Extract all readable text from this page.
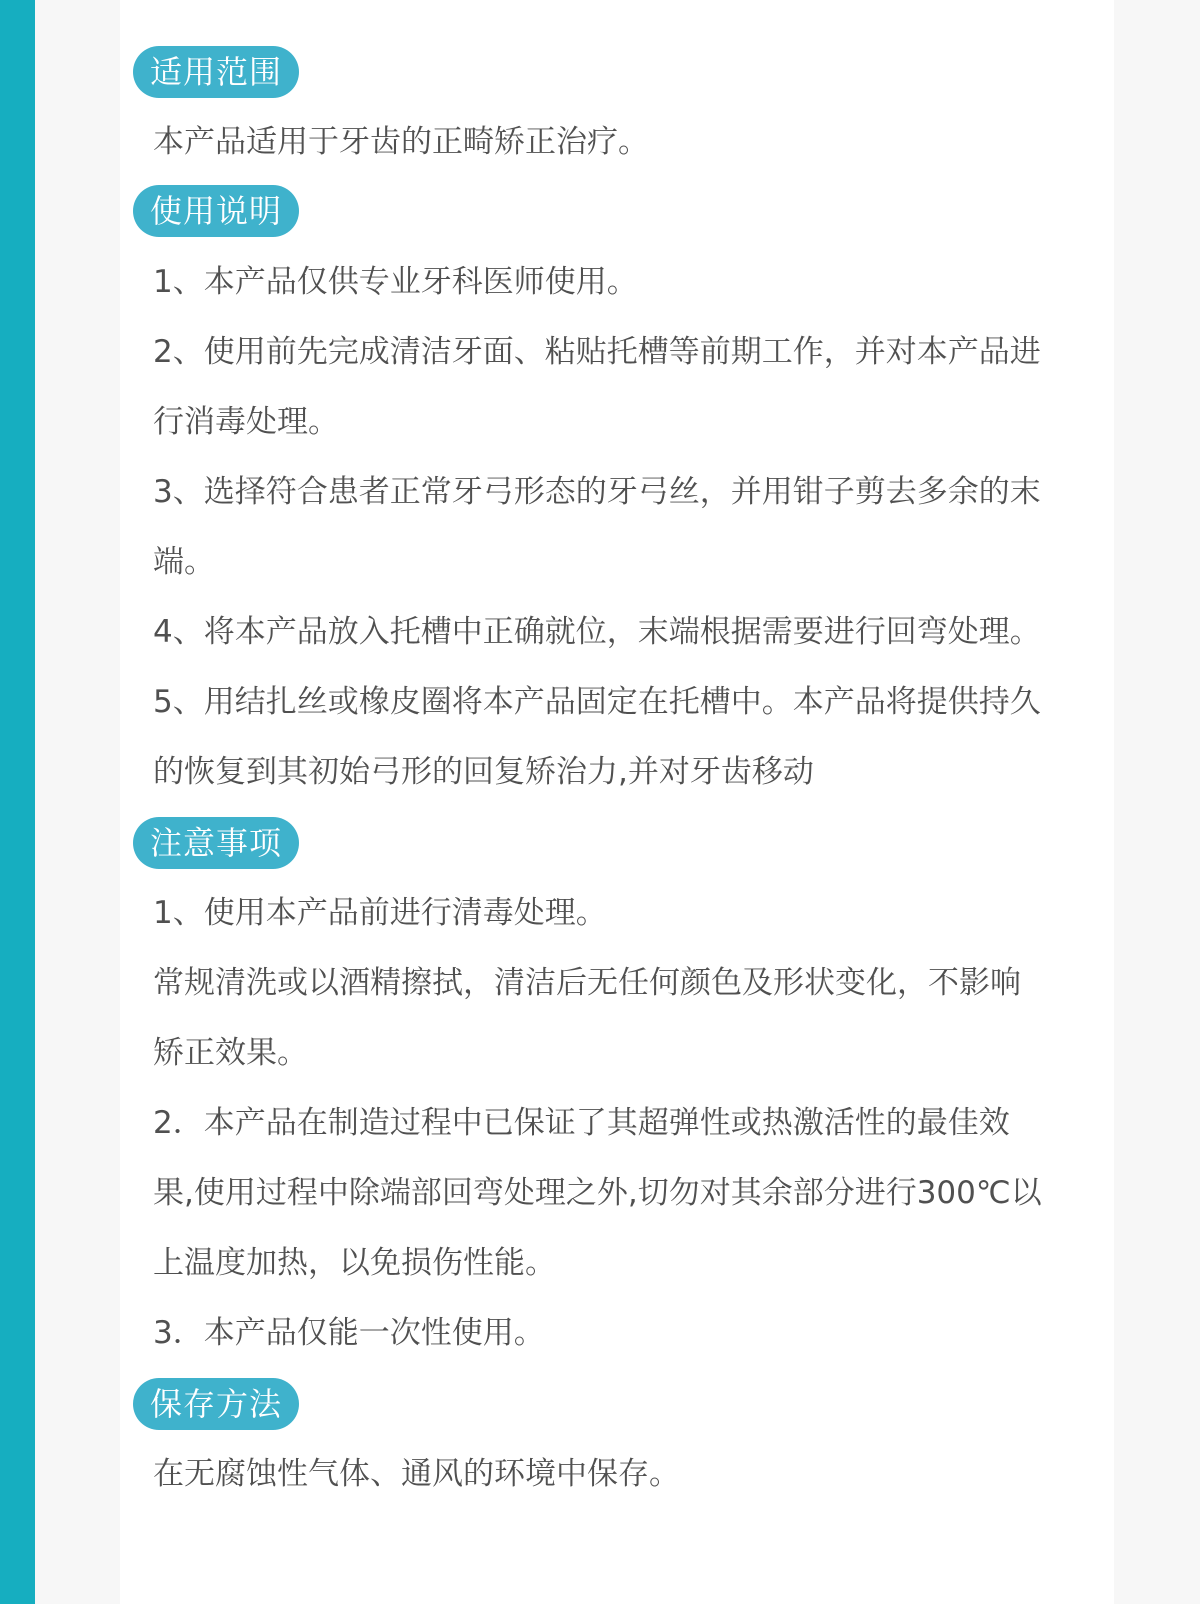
适用范围
本产品适用于牙齿的正畸矫正治疗。
使用说明
1、本产品仅供专业牙科医师使用。
2、使用前先完成清洁牙面、粘贴托槽等前期工作，并对本产品进
行消毒处理。
3、选择符合患者正常牙弓形态的牙弓丝，并用钳子剪去多余的末
端。
4、将本产品放入托槽中正确就位，末端根据需要进行回弯处理。
5、用结扎丝或橡皮圈将本产品固定在托槽中。本产品将提供持久
的恢复到其初始弓形的回复矫治力,并对牙齿移动
注意事项
1、使用本产品前进行清毒处理。
常规清洗或以酒精擦拭，清洁后无任何颜色及形状变化，不影响
矫正效果。
2．本产品在制造过程中已保证了其超弹性或热激活性的最佳效
果,使用过程中除端部回弯处理之外,切勿对其余部分进行300℃以
上温度加热，以免损伤性能。
3．本产品仅能一次性使用。
保存方法
在无腐蚀性气体、通风的环境中保存。
